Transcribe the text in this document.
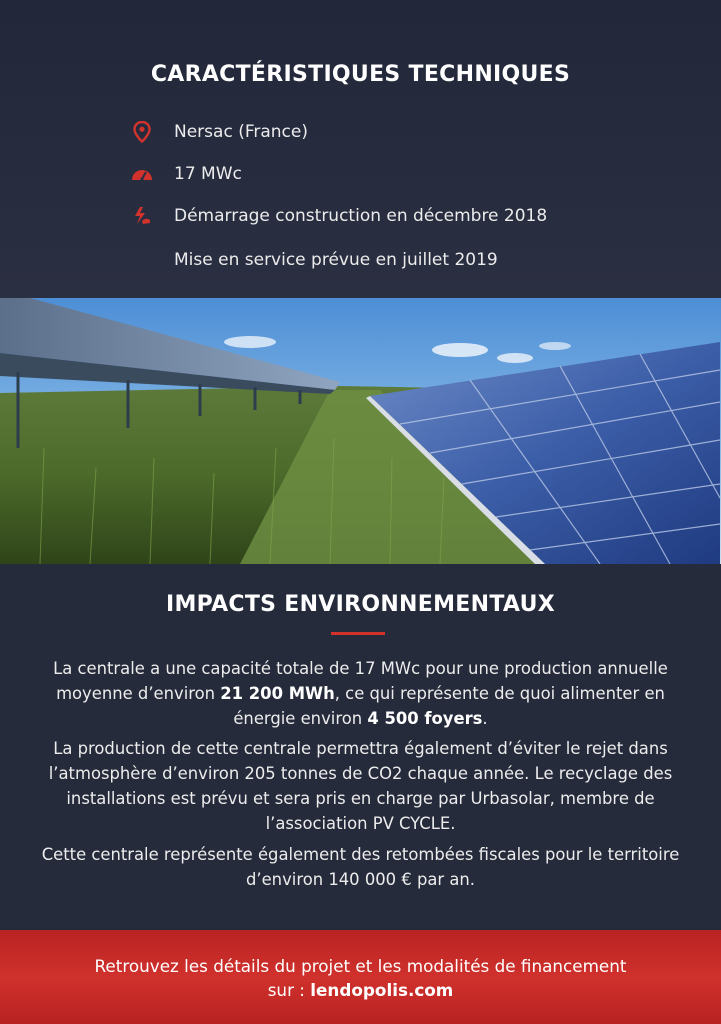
CARACTÉRISTIQUES TECHNIQUES
Nersac (France)
17 MWc
Démarrage construction en décembre 2018
Mise en service prévue en juillet 2019
IMPACTS ENVIRONNEMENTAUX
La centrale a une capacité totale de 17 MWc pour une production annuelle moyenne d’environ 21 200 MWh, ce qui représente de quoi alimenter en énergie environ 4 500 foyers.
La production de cette centrale permettra également d’éviter le rejet dans l’atmosphère d’environ 205 tonnes de CO2 chaque année. Le recyclage des installations est prévu et sera pris en charge par Urbasolar, membre de l’association PV CYCLE.
Cette centrale représente également des retombées fiscales pour le territoire d’environ 140 000 € par an.
Retrouvez les détails du projet et les modalités de financement
sur : lendopolis.com
